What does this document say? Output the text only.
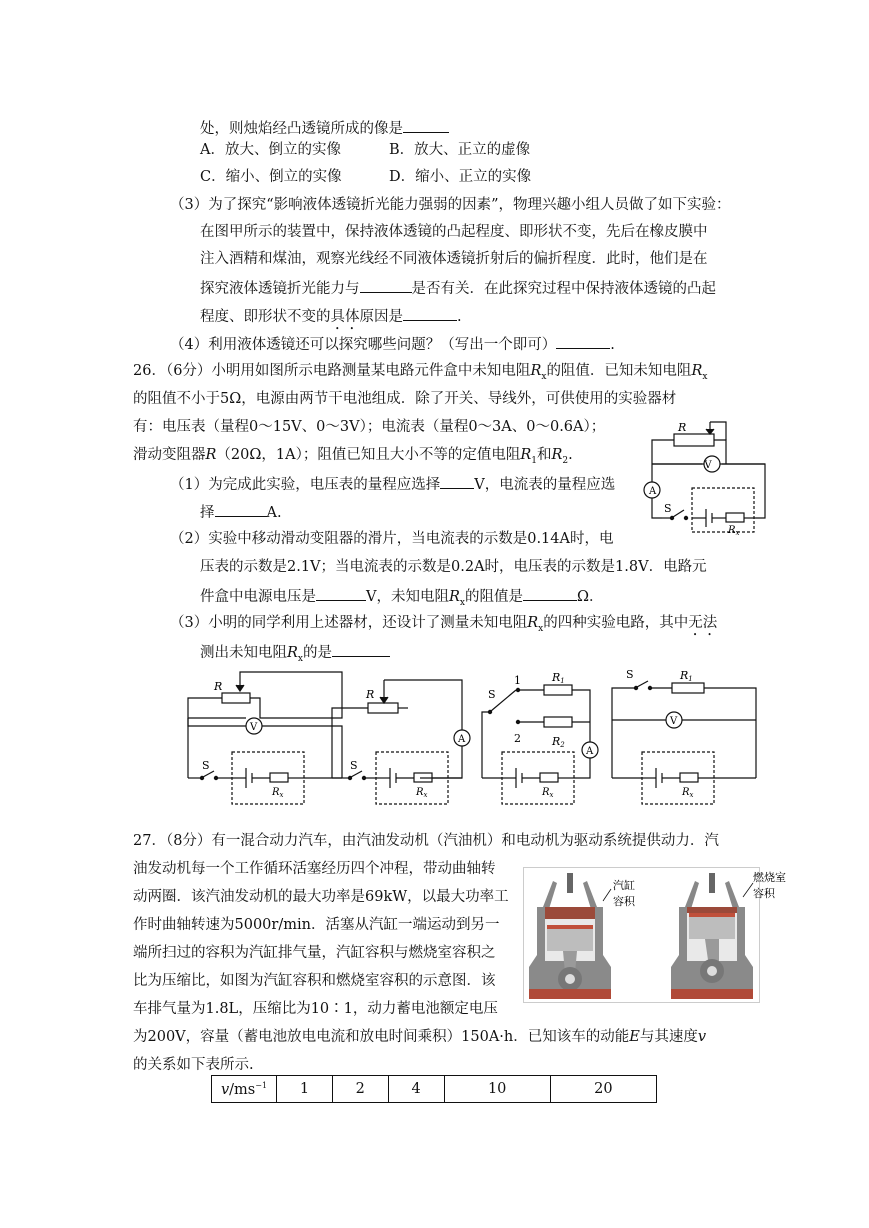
处，则烛焰经凸透镜所成的像是
A．放大、倒立的实像	B．放大、正立的虚像
C．缩小、倒立的实像	D．缩小、正立的实像
（3）为了探究“影响液体透镜折光能力强弱的因素”，物理兴趣小组人员做了如下实验：
在图甲所示的装置中，保持液体透镜的凸起程度、即形状不变，先后在橡皮膜中
注入酒精和煤油，观察光线经不同液体透镜折射后的偏折程度．此时，他们是在
探究液体透镜折光能力与	是否有关．在此探究过程中保持液体透镜的凸起
程度、即形状不变的具体原因是	.
（4）利用液体透镜还可以探究哪些问题？（写出一个即可）	.
26．（6分）小明用如图所示电路测量某电路元件盒中未知电阻$R_x$的阻值．已知未知电阻$R_x$
的阻值不小于5Ω，电源由两节干电池组成．除了开关、导线外，可供使用的实验器材
有：电压表（量程0～15V、0～3V）；电流表（量程0～3A、0～0.6A）；
滑动变阻器R（20Ω，1A）；阻值已知且大小不等的定值电阻$R_1$和$R_2$.
（1）为完成此实验，电压表的量程应选择 V，电流表的量程应选
择	A.
（2）实验中移动滑动变阻器的滑片，当电流表的示数是0.14A时，电
压表的示数是2.1V；当电流表的示数是0.2A时，电压表的示数是1.8V．电路元
件盒中电源电压是	V，未知电阻$R_x$的阻值是	Ω．
（3）小明的同学利用上述器材，还设计了测量未知电阻$R_x$的四种实验电路，其中无法
测出未知电阻$R_x$的是
V
A
R
S
$R_x$
R
V
S
$R_x$
R
A
S
$R_x$
S
1
2
R1
R2
A
$R_x$
S	R1
V
$R_x$
27．（8分）有一混合动力汽车，由汽油发动机（汽油机）和电动机为驱动系统提供动力．汽
油发动机每一个工作循环活塞经历四个冲程，带动曲轴转
动两圈．该汽油发动机的最大功率是69kW，以最大功率工
作时曲轴转速为5000r/min．活塞从汽缸一端运动到另一
端所扫过的容积为汽缸排气量，汽缸容积与燃烧室容积之
比为压缩比，如图为汽缸容积和燃烧室容积的示意图．该
车排气量为1.8L，压缩比为10∶1，动力蓄电池额定电压
为200V，容量（蓄电池放电电流和放电时间乘积）150A·h．已知该车的动能E与其速度v
的关系如下表所示.
汽缸
容积
燃烧室
容积
$v/ms^{-1}$	1	2	4	10	20
